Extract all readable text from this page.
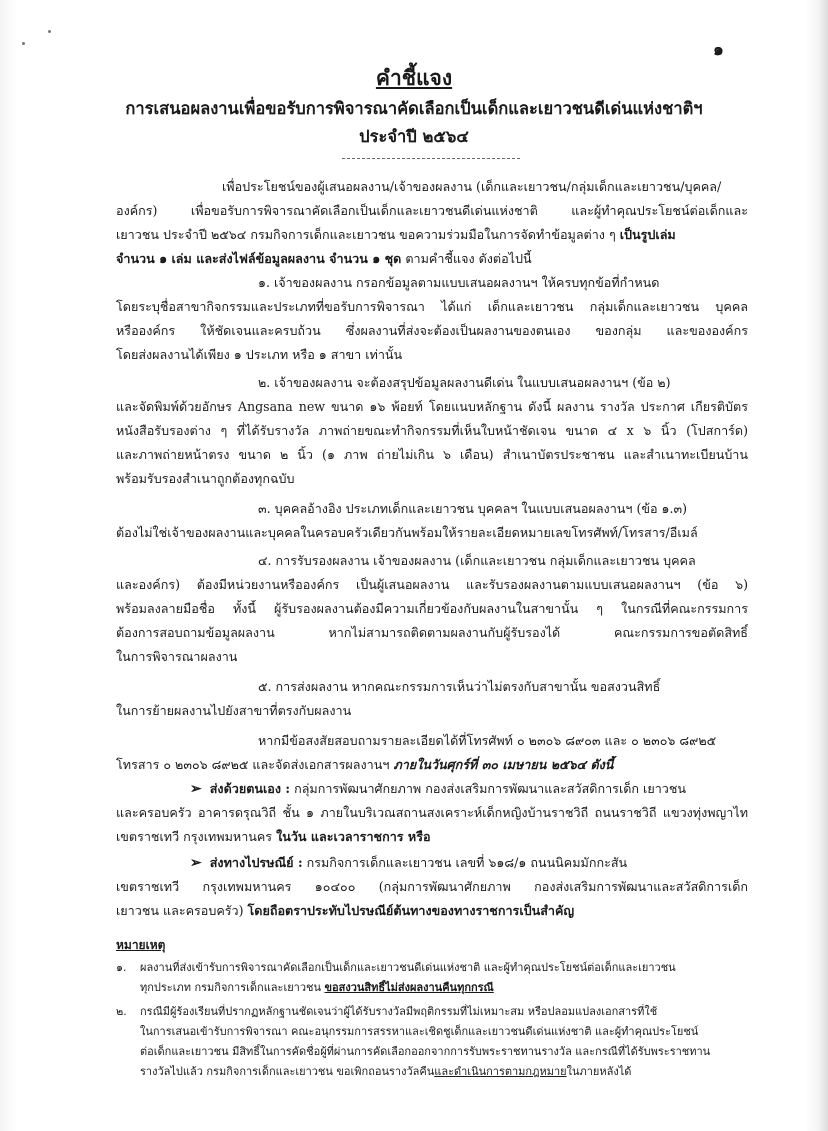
๑
คำชี้แจง
การเสนอผลงานเพื่อขอรับการพิจารณาคัดเลือกเป็นเด็กและเยาวชนดีเด่นแห่งชาติฯ
ประจำปี ๒๕๖๔
เพื่อประโยชน์ของผู้เสนอผลงาน/เจ้าของผลงาน (เด็กและเยาวชน/กลุ่มเด็กและเยาวชน/บุคคล/
องค์กร) เพื่อขอรับการพิจารณาคัดเลือกเป็นเด็กและเยาวชนดีเด่นแห่งชาติ และผู้ทำคุณประโยชน์ต่อเด็กและ
เยาวชน ประจำปี ๒๕๖๔ กรมกิจการเด็กและเยาวชน ขอความร่วมมือในการจัดทำข้อมูลต่าง ๆ เป็นรูปเล่ม
จำนวน ๑ เล่ม และส่งไฟล์ข้อมูลผลงาน จำนวน ๑ ชุด ตามคำชี้แจง ดังต่อไปนี้
๑. เจ้าของผลงาน กรอกข้อมูลตามแบบเสนอผลงานฯ ให้ครบทุกข้อที่กำหนด
โดยระบุชื่อสาขากิจกรรมและประเภทที่ขอรับการพิจารณา ได้แก่ เด็กและเยาวชน กลุ่มเด็กและเยาวชน บุคคล
หรือองค์กร ให้ชัดเจนและครบถ้วน ซึ่งผลงานที่ส่งจะต้องเป็นผลงานของตนเอง ของกลุ่ม และขององค์กร
โดยส่งผลงานได้เพียง ๑ ประเภท หรือ ๑ สาขา เท่านั้น
๒. เจ้าของผลงาน จะต้องสรุปข้อมูลผลงานดีเด่น ในแบบเสนอผลงานฯ (ข้อ ๒)
และจัดพิมพ์ด้วยอักษร Angsana new ขนาด ๑๖ พ้อยท์ โดยแนบหลักฐาน ดังนี้ ผลงาน รางวัล ประกาศ เกียรติบัตร
หนังสือรับรองต่าง ๆ ที่ได้รับรางวัล ภาพถ่ายขณะทำกิจกรรมที่เห็นใบหน้าชัดเจน ขนาด ๔ x ๖ นิ้ว (โปสการ์ด)
และภาพถ่ายหน้าตรง ขนาด ๒ นิ้ว (๑ ภาพ ถ่ายไม่เกิน ๖ เดือน) สำเนาบัตรประชาชน และสำเนาทะเบียนบ้าน
พร้อมรับรองสำเนาถูกต้องทุกฉบับ
๓. บุคคลอ้างอิง ประเภทเด็กและเยาวชน บุคคลฯ ในแบบเสนอผลงานฯ (ข้อ ๑.๓)
ต้องไม่ใช่เจ้าของผลงานและบุคคลในครอบครัวเดียวกันพร้อมให้รายละเอียดหมายเลขโทรศัพท์/โทรสาร/อีเมล์
๔. การรับรองผลงาน เจ้าของผลงาน (เด็กและเยาวชน กลุ่มเด็กและเยาวชน บุคคล
และองค์กร) ต้องมีหน่วยงานหรือองค์กร เป็นผู้เสนอผลงาน และรับรองผลงานตามแบบเสนอผลงานฯ (ข้อ ๖)
พร้อมลงลายมือชื่อ ทั้งนี้ ผู้รับรองผลงานต้องมีความเกี่ยวข้องกับผลงานในสาขานั้น ๆ ในกรณีที่คณะกรรมการ
ต้องการสอบถามข้อมูลผลงาน หากไม่สามารถติดตามผลงานกับผู้รับรองได้ คณะกรรมการขอตัดสิทธิ์
ในการพิจารณาผลงาน
๕. การส่งผลงาน หากคณะกรรมการเห็นว่าไม่ตรงกับสาขานั้น ขอสงวนสิทธิ์
ในการย้ายผลงานไปยังสาขาที่ตรงกับผลงาน
หากมีข้อสงสัยสอบถามรายละเอียดได้ที่โทรศัพท์ ๐ ๒๓๐๖ ๘๙๐๓ และ ๐ ๒๓๐๖ ๘๙๒๕
โทรสาร ๐ ๒๓๐๖ ๘๙๒๕ และจัดส่งเอกสารผลงานฯ ภายในวันศุกร์ที่ ๓๐ เมษายน ๒๕๖๔ ดังนี้
➢ ส่งด้วยตนเอง : กลุ่มการพัฒนาศักยภาพ กองส่งเสริมการพัฒนาและสวัสดิการเด็ก เยาวชน
และครอบครัว อาคารดรุณวิถี ชั้น ๑ ภายในบริเวณสถานสงเคราะห์เด็กหญิงบ้านราชวิถี ถนนราชวิถี แขวงทุ่งพญาไท
เขตราชเทวี กรุงเทพมหานคร ในวัน และเวลาราชการ หรือ
➢ ส่งทางไปรษณีย์ : กรมกิจการเด็กและเยาวชน เลขที่ ๖๑๘/๑ ถนนนิคมมักกะสัน
เขตราชเทวี กรุงเทพมหานคร ๑๐๔๐๐ (กลุ่มการพัฒนาศักยภาพ กองส่งเสริมการพัฒนาและสวัสดิการเด็ก
เยาวชน และครอบครัว) โดยถือตราประทับไปรษณีย์ต้นทางของทางราชการเป็นสำคัญ
หมายเหตุ
๑. ผลงานที่ส่งเข้ารับการพิจารณาคัดเลือกเป็นเด็กและเยาวชนดีเด่นแห่งชาติ และผู้ทำคุณประโยชน์ต่อเด็กและเยาวชน
ทุกประเภท กรมกิจการเด็กและเยาวชน ขอสงวนสิทธิ์ไม่ส่งผลงานคืนทุกกรณี
๒. กรณีมีผู้ร้องเรียนที่ปรากฏหลักฐานชัดเจนว่าผู้ได้รับรางวัลมีพฤติกรรมที่ไม่เหมาะสม หรือปลอมแปลงเอกสารที่ใช้
ในการเสนอเข้ารับการพิจารณา คณะอนุกรรมการสรรหาและเชิดชูเด็กและเยาวชนดีเด่นแห่งชาติ และผู้ทำคุณประโยชน์
ต่อเด็กและเยาวชน มีสิทธิ์ในการคัดชื่อผู้ที่ผ่านการคัดเลือกออกจากการรับพระราชทานรางวัล และกรณีที่ได้รับพระราชทาน
รางวัลไปแล้ว กรมกิจการเด็กและเยาวชน ขอเพิกถอนรางวัลคืนและดำเนินการตามกฎหมายในภายหลังได้
